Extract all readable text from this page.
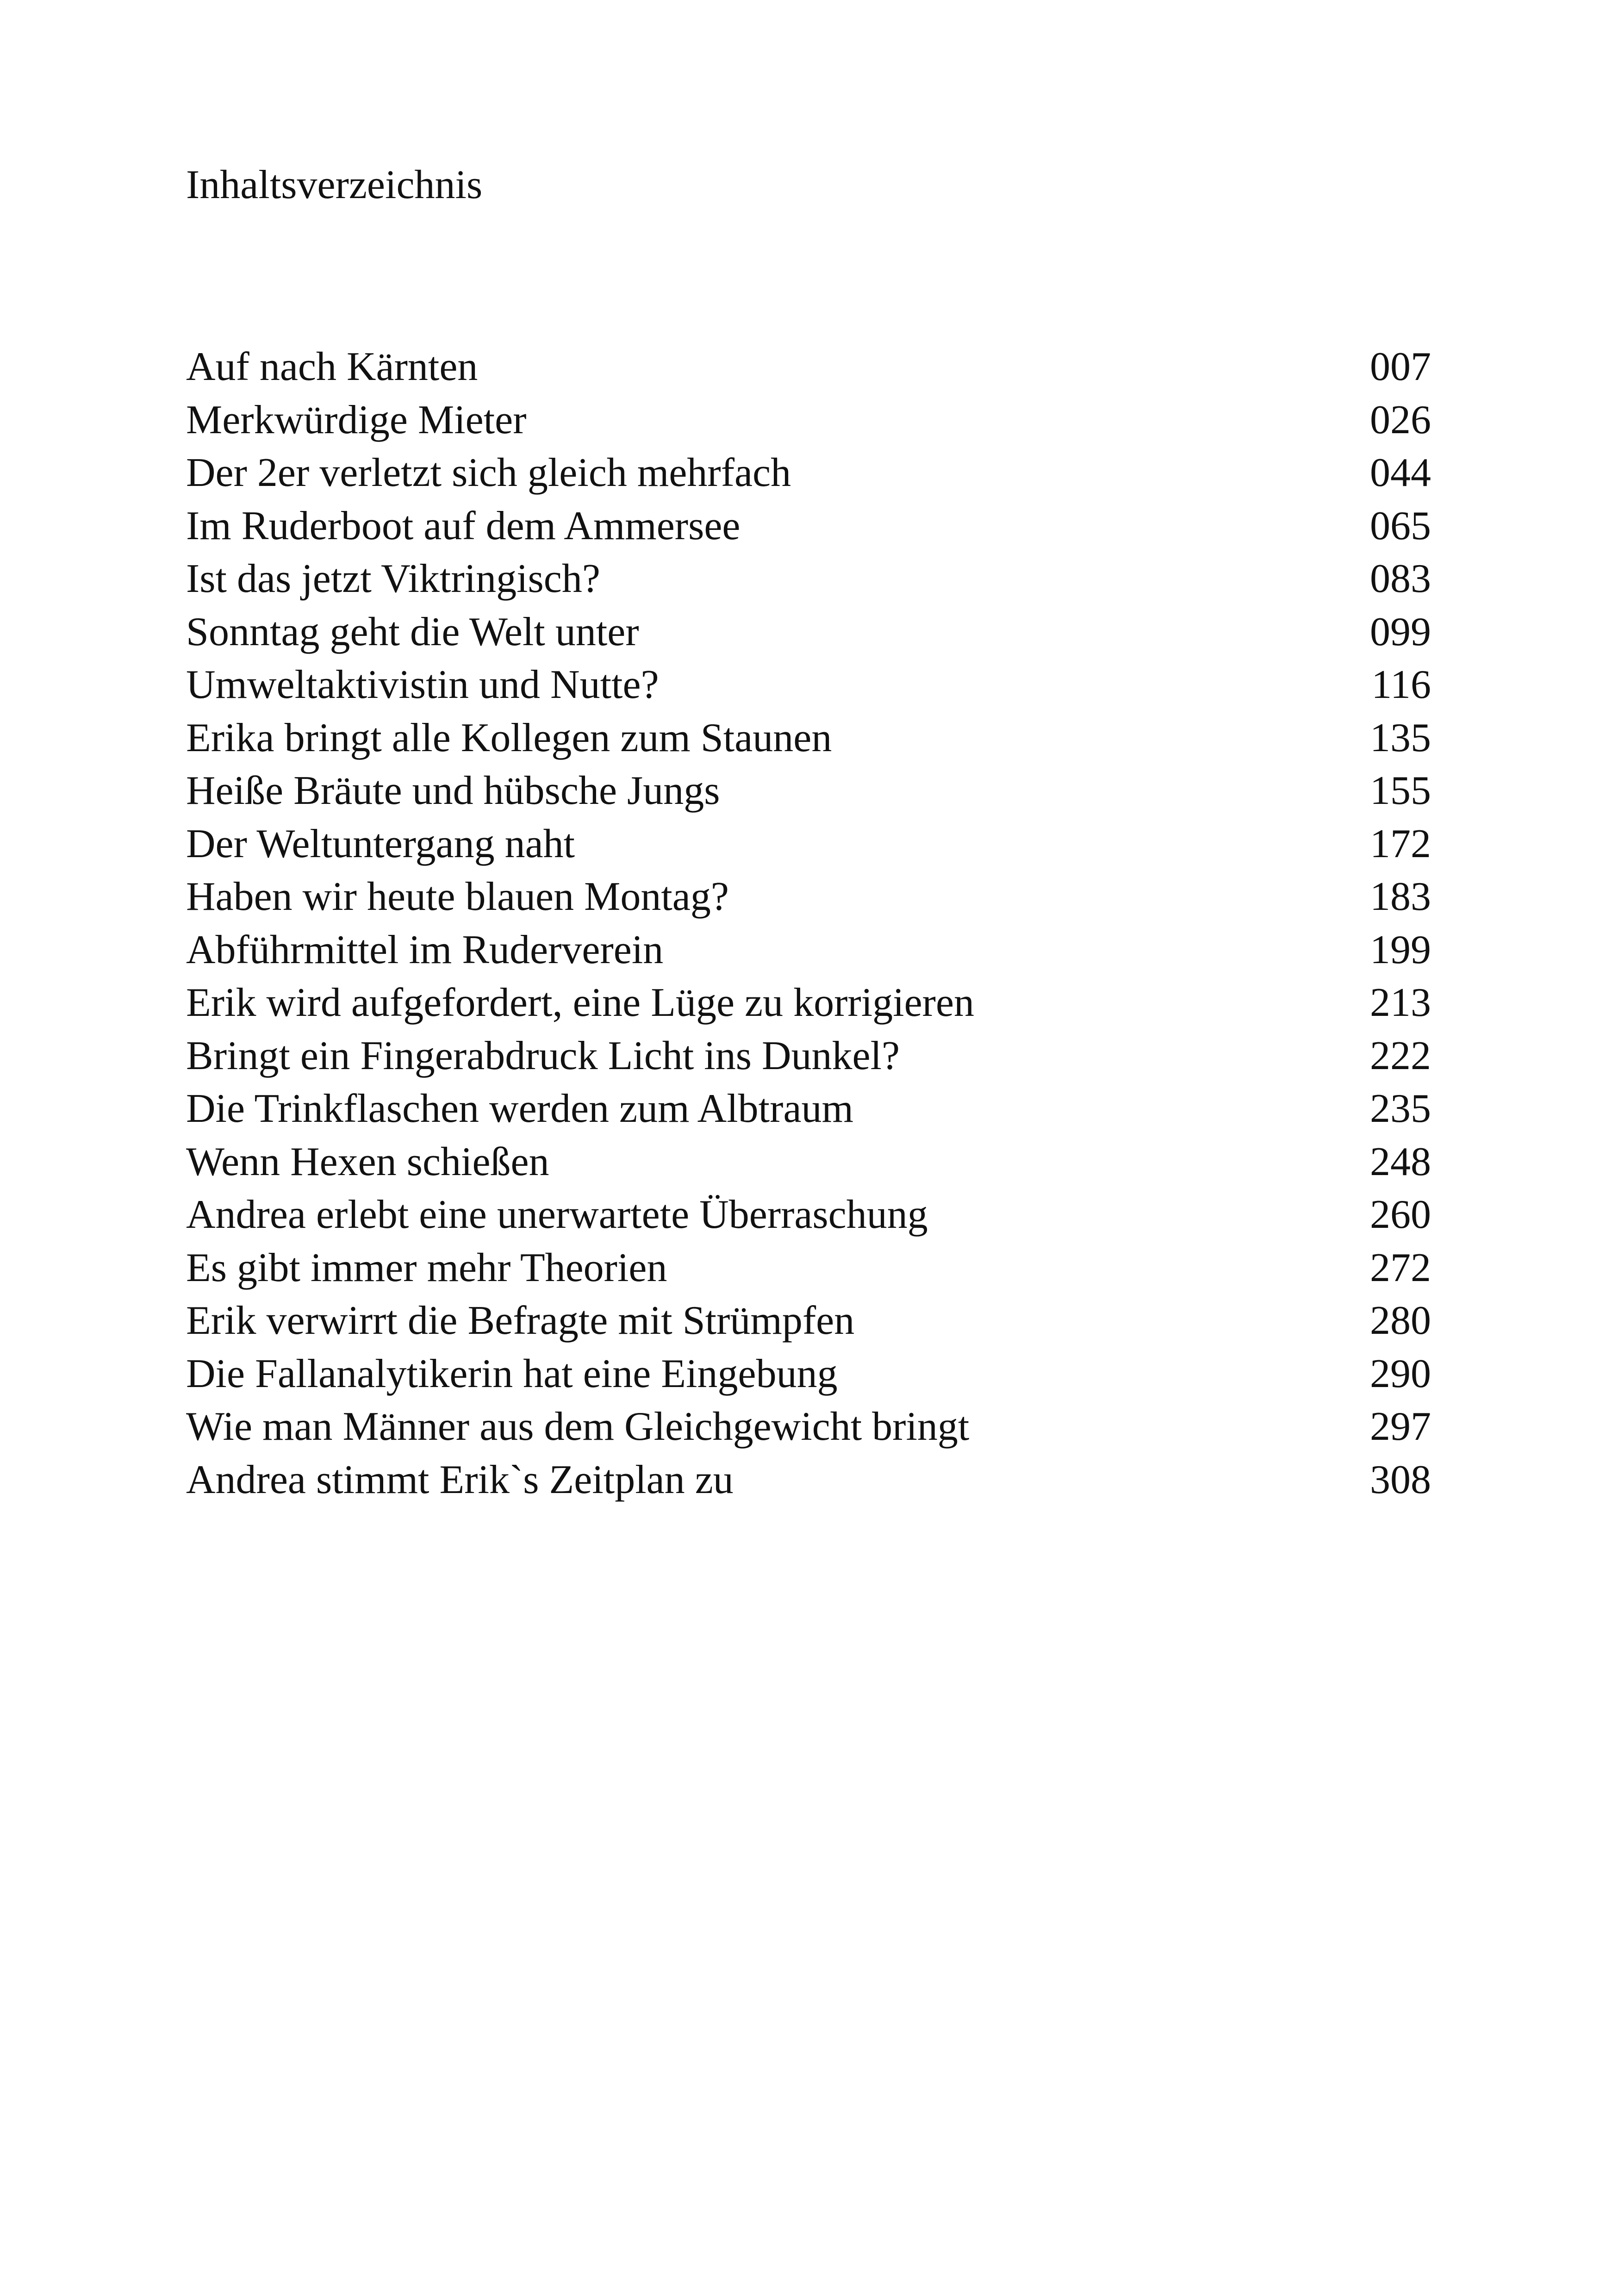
Inhaltsverzeichnis
Auf nach Kärnten	007
Merkwürdige Mieter	026
Der 2er verletzt sich gleich mehrfach	044
Im Ruderboot auf dem Ammersee	065
Ist das jetzt Viktringisch?	083
Sonntag geht die Welt unter	099
Umweltaktivistin und Nutte?	116
Erika bringt alle Kollegen zum Staunen	135
Heiße Bräute und hübsche Jungs	155
Der Weltuntergang naht	172
Haben wir heute blauen Montag?	183
Abführmittel im Ruderverein	199
Erik wird aufgefordert, eine Lüge zu korrigieren	213
Bringt ein Fingerabdruck Licht ins Dunkel?	222
Die Trinkflaschen werden zum Albtraum	235
Wenn Hexen schießen	248
Andrea erlebt eine unerwartete Überraschung	260
Es gibt immer mehr Theorien	272
Erik verwirrt die Befragte mit Strümpfen	280
Die Fallanalytikerin hat eine Eingebung	290
Wie man Männer aus dem Gleichgewicht bringt	297
Andrea stimmt Erik`s Zeitplan zu	308
